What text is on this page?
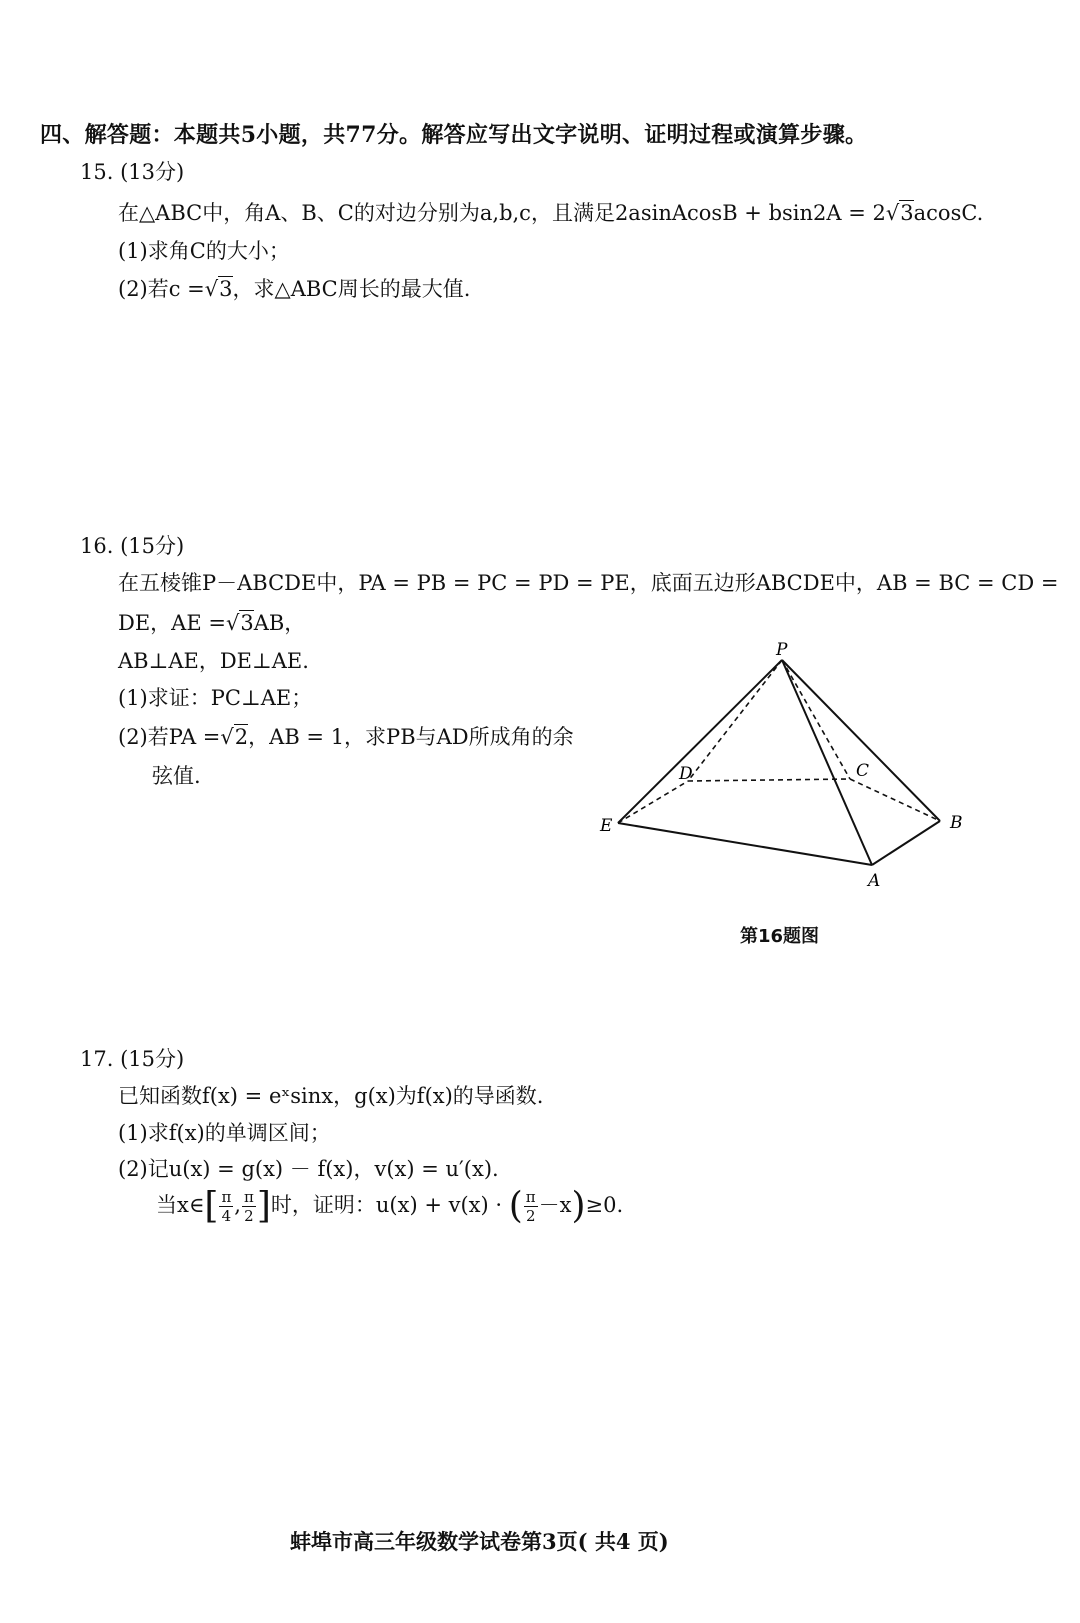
四、解答题：本题共5小题，共77分。解答应写出文字说明、证明过程或演算步骤。
15. (13分)
在△ABC中，角A、B、C的对边分别为a,b,c，且满足2asinAcosB + bsin2A = 2√3acosC.
(1)求角C的大小；
(2)若c =√3，求△ABC周长的最大值.
16. (15分)
在五棱锥P－ABCDE中，PA = PB = PC = PD = PE，底面五边形ABCDE中，AB = BC = CD =
DE，AE =√3AB，
AB⊥AE，DE⊥AE.
(1)求证：PC⊥AE；
(2)若PA =√2，AB = 1，求PB与AD所成角的余
弦值.
P
E
D	C
B
A
第16题图
17. (15分)
已知函数f(x) = eˣsinx，g(x)为f(x)的导函数.
(1)求f(x)的单调区间；
(2)记u(x) = g(x) － f(x)，v(x) = u′(x).
当x∈[ $\frac{\pi}{4}$ , $\frac{\pi}{2}$ ]时，证明：u(x) + v(x) · ( $\frac{\pi}{2} -x)\ge 0$.
蚌埠市高三年级数学试卷第3页( 共4 页)
